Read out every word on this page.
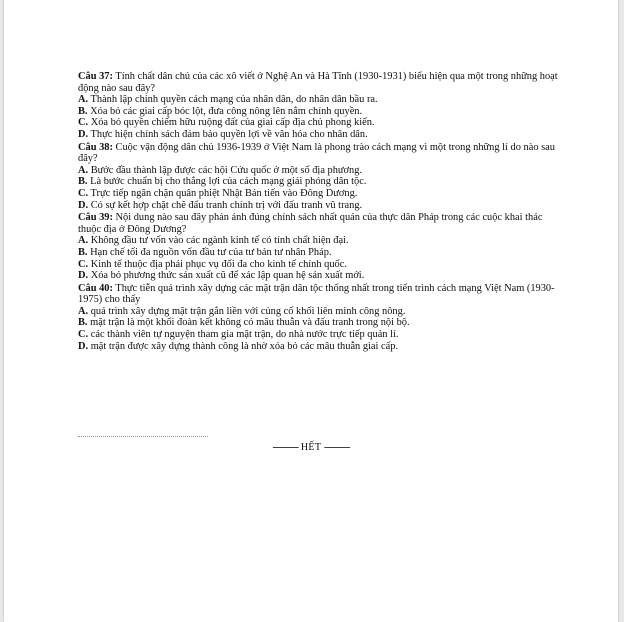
Câu 37: Tính chất dân chủ của các xô viết ở Nghệ An và Hà Tĩnh (1930-1931) biểu hiện qua một trong những hoạt động nào sau đây?

A. Thành lập chính quyền cách mạng của nhân dân, do nhân dân bầu ra.

B. Xóa bỏ các giai cấp bóc lột, đưa công nông lên nắm chính quyền.

C. Xóa bỏ quyền chiếm hữu ruộng đất của giai cấp địa chủ phong kiến.

D. Thực hiện chính sách đảm bảo quyền lợi về văn hóa cho nhân dân.

Câu 38: Cuộc vận động dân chủ 1936-1939 ở Việt Nam là phong trào cách mạng vì một trong những lí do nào sau đây?

A. Bước đầu thành lập được các hội Cứu quốc ở một số địa phương.

B. Là bước chuẩn bị cho thắng lợi của cách mạng giải phóng dân tộc.

C. Trực tiếp ngăn chặn quân phiệt Nhật Bản tiến vào Đông Dương.

D. Có sự kết hợp chặt chẽ đấu tranh chính trị với đấu tranh vũ trang.

Câu 39: Nội dung nào sau đây phản ánh đúng chính sách nhất quán của thực dân Pháp trong các cuộc khai thác thuộc địa ở Đông Dương?

A. Không đầu tư vốn vào các ngành kinh tế có tính chất hiện đại.

B. Hạn chế tối đa nguồn vốn đầu tư của tư bản tư nhân Pháp.

C. Kinh tế thuộc địa phải phục vụ đối đa cho kinh tế chính quốc.

D. Xóa bỏ phương thức sản xuất cũ để xác lập quan hệ sản xuất mới.

Câu 40: Thực tiễn quá trình xây dựng các mặt trận dân tộc thống nhất trong tiến trình cách mạng Việt Nam (1930-1975) cho thấy

A. quá trình xây dựng mặt trận gắn liền với củng cố khối liên minh công nông.

B. mặt trận là một khối đoàn kết không có mâu thuẫn và đấu tranh trong nội bộ.

C. các thành viên tự nguyện tham gia mặt trận, do nhà nước trực tiếp quản lí.

D. mặt trận được xây dựng thành công là nhờ xóa bỏ các mâu thuẫn giai cấp.

----------- HẾT -----------
